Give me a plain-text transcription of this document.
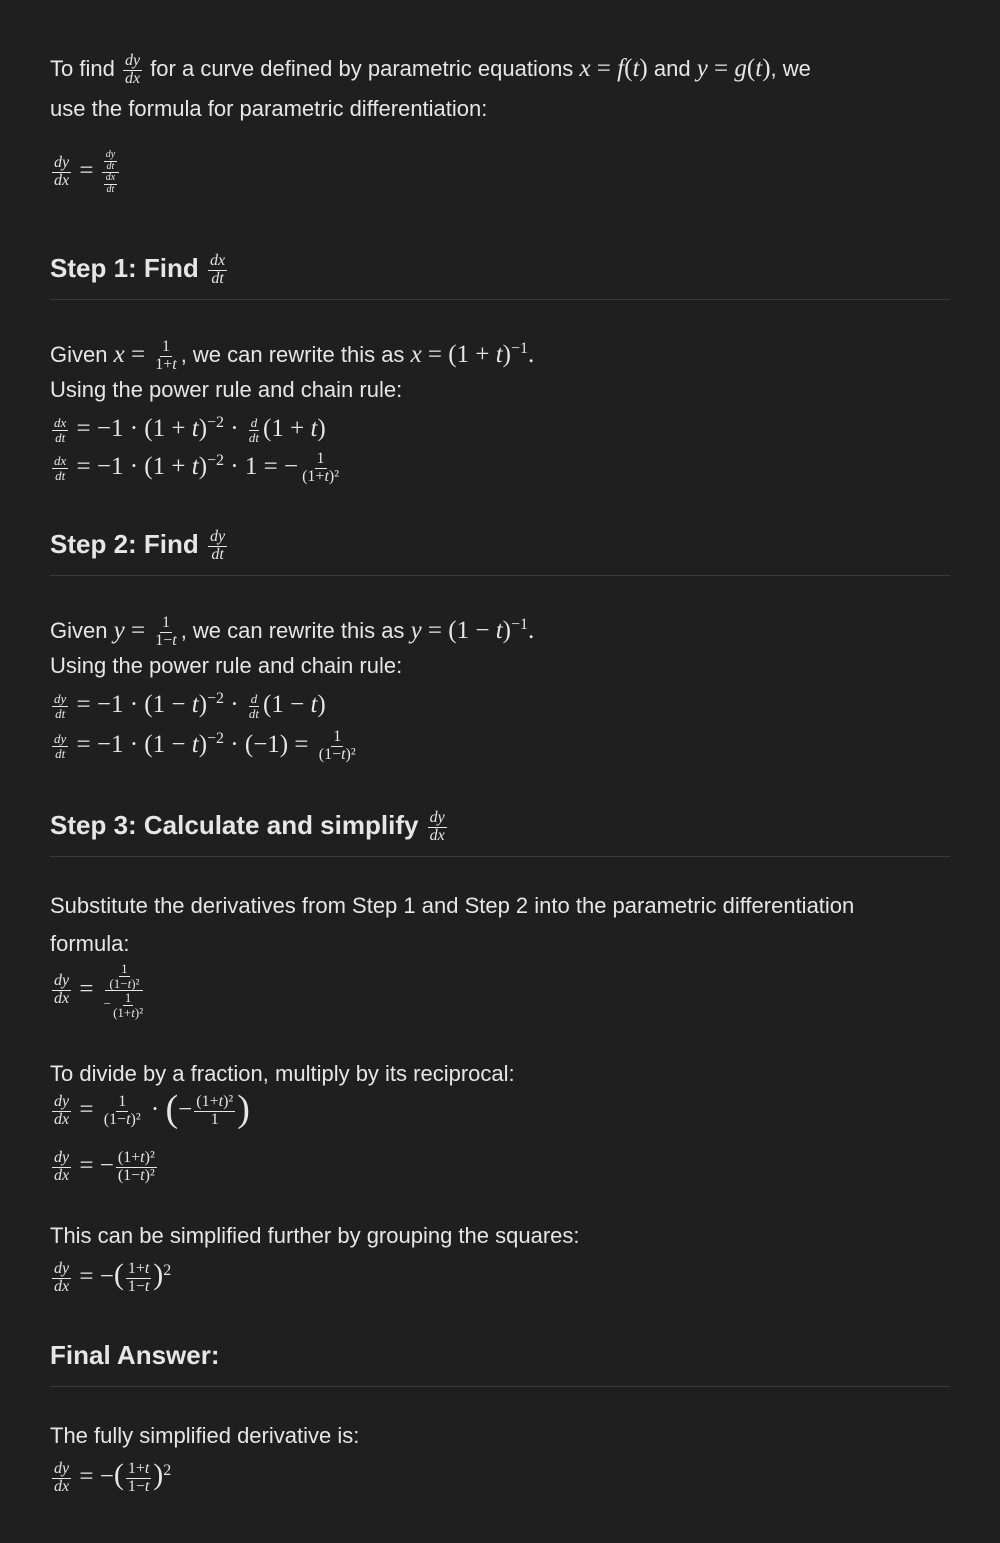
To find $\frac{dy}{dx}$ for a curve defined by parametric equations x = f(t) and y = g(t), we
use the formula for parametric differentiation:
$\frac{dy}{dx} = \frac{dy}{dt}$
$\frac{dx}{dt}$
Step 1: Find $\frac{dx}{dt}$
Given $x = \frac{1}{1+t}$ , we can rewrite this as $x = (1 + t)^{-1}$.
Using the power rule and chain rule:
$\frac{dx}{dt} = -1 \cdot (1 + t)^{-2} \cdot \frac{d}{dt} (1 + t)$
$\frac{dx}{dt} = -1 \cdot (1 + t)^{-2} \cdot 1$ = − $\frac{1}{\text{(1+t)²}}$
Step 2: Find $\frac{dy}{dt}$
Given $y = \frac{1}{1-t}$ , we can rewrite this as $y = (1 - t)^{-1}$.
Using the power rule and chain rule:
$\frac{dy}{dt} = -1 \cdot (1 - t)^{-2} \cdot \frac{d}{dt} (1 - t)$
$\frac{dy}{dt} = -1 \cdot (1 - t)^{-2} \cdot (-1) = \frac{1}{\text{(1−t)²}}$
Step 3: Calculate and simplify $\frac{dy}{dx}$
Substitute the derivatives from Step 1 and Step 2 into the parametric differentiation
formula:
$\frac{dy}{dx} = \frac{\frac{1}{\text{(1−t)²}}}{- \frac{1}{\text{(1+t)²}}}$
To divide by a fraction, multiply by its reciprocal:
$\frac{dy}{dx} = \frac{1}{\text{(1−t)²}}$ · (− $\frac{\text{(1+t)²}}{1}$ )
$\frac{dy}{dx}$ = − $\frac{\text{(1+t)²}}{\text{(1−t)²}}$
This can be simplified further by grouping the squares:
$\frac{dy}{dx}$ = −( $\frac{1+t}{1-t} )^2$
Final Answer:
The fully simplified derivative is:
$\frac{dy}{dx}$ = −( $\frac{1+t}{1-t} )^2$
